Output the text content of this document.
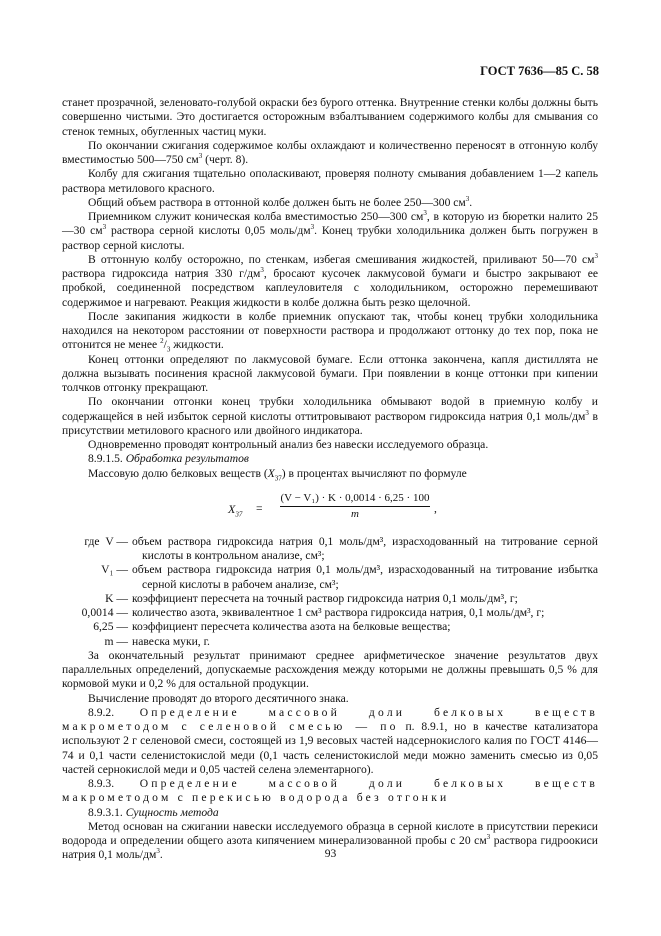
ГОСТ 7636—85 С. 58

станет прозрачной, зеленовато-голубой окраски без бурого оттенка. Внутренние стенки колбы должны быть совершенно чистыми. Это достигается осторожным взбалтыванием содержимого колбы для смывания со стенок темных, обугленных частиц муки.

По окончании сжигания содержимое колбы охлаждают и количественно переносят в отгонную колбу вместимостью 500—750 $см^3$ (черт. 8).

Колбу для сжигания тщательно ополаскивают, проверяя полноту смывания добавлением 1—2 капель раствора метилового красного.

Общий объем раствора в оттонной колбе должен быть не более 250—300 $см^3$.

Приемником служит коническая колба вместимостью 250—300 $см^3$, в которую из бюретки налито 25—30 $см^3$ раствора серной кислоты 0,05 моль/$дм^3$. Конец трубки холодильника должен быть погружен в раствор серной кислоты.

В оттонную колбу осторожно, по стенкам, избегая смешивания жидкостей, приливают 50—70 $см^3$ раствора гидроксида натрия 330 $г/дм^3$, бросают кусочек лакмусовой бумаги и быстро закрывают ее пробкой, соединенной посредством каплеуловителя с холодильником, осторожно перемешивают содержимое и нагревают. Реакция жидкости в колбе должна быть резко щелочной.

После закипания жидкости в колбе приемник опускают так, чтобы конец трубки холодильника находился на некотором расстоянии от поверхности раствора и продолжают оттонку до тех пор, пока не отгонится не менее $^2/_3$ жидкости.

Конец оттонки определяют по лакмусовой бумаге. Если оттонка закончена, капля дистиллята не должна вызывать посинения красной лакмусовой бумаги. При появлении в конце оттонки при кипении толчков отгонку прекращают.

По окончании отгонки конец трубки холодильника обмывают водой в приемную колбу и содержащейся в ней избыток серной кислоты оттитровывают раствором гидроксида натрия 0,1 моль/$дм^3$ в присутствии метилового красного или двойного индикатора.

Одновременно проводят контрольный анализ без навески исследуемого образца.

8.9.1.5. Обработка результатов

Массовую долю белковых веществ $(X_{37})$ в процентах вычисляют по формуле

$X_{37} = \frac{\text{(V − V₁) · K · 0,0014 · 6,25 · 100}}{m}$ ,
где  V — объем раствора гидроксида натрия 0,1 моль/дм³, израсходованный на титрование серной кислоты в контрольном анализе, см³;
V₁ — объем раствора гидроксида натрия 0,1 моль/дм³, израсходованный на титрование избытка серной кислоты в рабочем анализе, см³;
K — коэффициент пересчета на точный раствор гидроксида натрия 0,1 моль/дм³, г;
0,0014 — количество азота, эквивалентное 1 см³ раствора гидроксида натрия, 0,1 моль/дм³, г;
6,25 — коэффициент пересчета количества азота на белковые вещества;
m — навеска муки, г.

За окончательный результат принимают среднее арифметическое значение результатов двух параллельных определений, допускаемые расхождения между которыми не должны превышать 0,5 % для кормовой муки и 0,2 % для остальной продукции.

Вычисление проводят до второго десятичного знака.

8.9.2. Определение массовой доли белковых веществ макрометодом с селеновой смесью — по п. 8.9.1, но в качестве катализатора используют 2 г селеновой смеси, состоящей из 1,9 весовых частей надсернокислого калия по ГОСТ 4146—74 и 0,1 части селенистокислой меди (0,1 часть селенистокислой меди можно заменить смесью из 0,05 частей сернокислой меди и 0,05 частей селена элементарного).

8.9.3. Определение массовой доли белковых веществ макрометодом с перекисью водорода без отгонки

8.9.3.1. Сущность метода

Метод основан на сжигании навески исследуемого образца в серной кислоте в присутствии перекиси водорода и определении общего азота кипячением минерализованной пробы с 20 $см^3$ раствора гидроокиси натрия 0,1 моль/$дм^3$.	93
